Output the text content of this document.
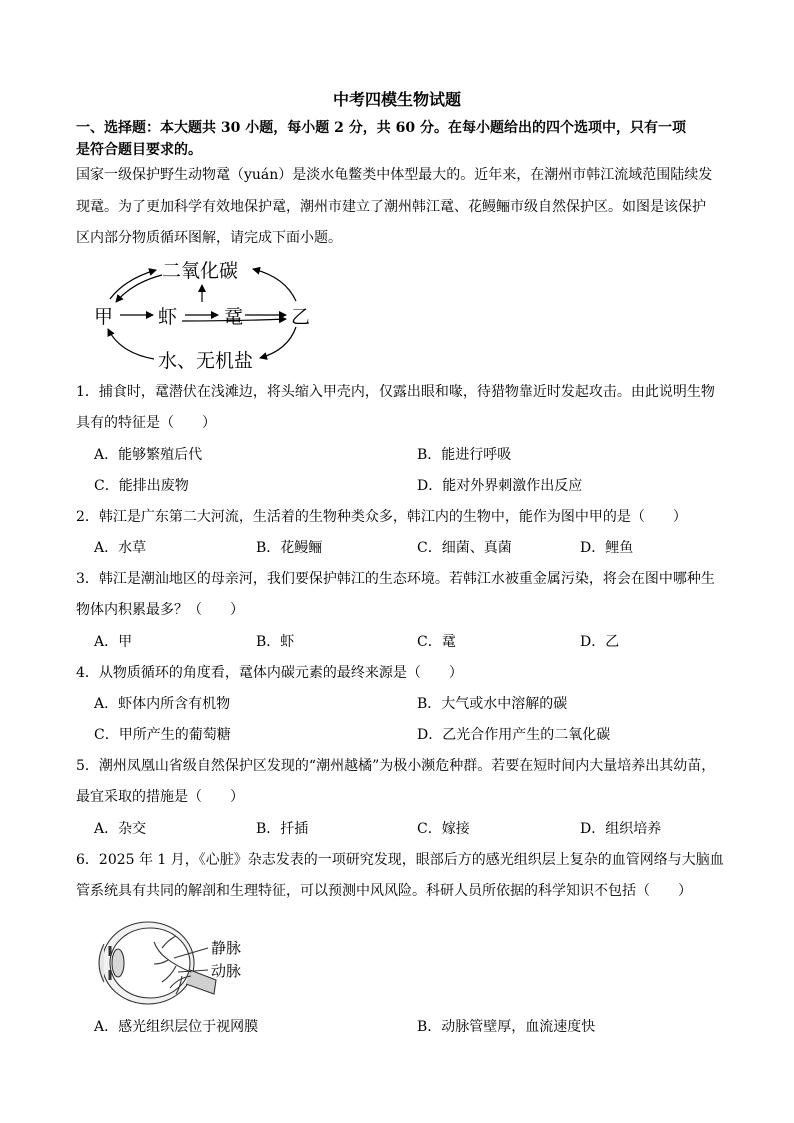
中考四模生物试题
一、选择题：本大题共 30 小题，每小题 2 分，共 60 分。在每小题给出的四个选项中，只有一项
是符合题目要求的。
国家一级保护野生动物鼋（yuán）是淡水龟鳖类中体型最大的。近年来，在潮州市韩江流域范围陆续发
现鼋。为了更加科学有效地保护鼋，潮州市建立了潮州韩江鼋、花鳗鲡市级自然保护区。如图是该保护
区内部分物质循环图解，请完成下面小题。
二氧化碳
甲 虾 鼋	乙
水、无机盐
1．捕食时，鼋潜伏在浅滩边，将头缩入甲壳内，仅露出眼和喙，待猎物靠近时发起攻击。由此说明生物
具有的特征是（　　）
A．能够繁殖后代	B．能进行呼吸
C．能排出废物	D．能对外界刺激作出反应
2．韩江是广东第二大河流，生活着的生物种类众多，韩江内的生物中，能作为图中甲的是（　　）
A．水草	B．花鳗鲡	C．细菌、真菌	D．鲤鱼
3．韩江是潮汕地区的母亲河，我们要保护韩江的生态环境。若韩江水被重金属污染，将会在图中哪种生
物体内积累最多？（　　）
A．甲	B．虾	C．鼋	D．乙
4．从物质循环的角度看，鼋体内碳元素的最终来源是（　　）
A．虾体内所含有机物	B．大气或水中溶解的碳
C．甲所产生的葡萄糖	D．乙光合作用产生的二氧化碳
5．潮州凤凰山省级自然保护区发现的“潮州越橘”为极小濒危种群。若要在短时间内大量培养出其幼苗，
最宜采取的措施是（　　）
A．杂交	B．扦插	C．嫁接	D．组织培养
6．2025 年 1 月，《心脏》杂志发表的一项研究发现，眼部后方的感光组织层上复杂的血管网络与大脑血
管系统具有共同的解剖和生理特征，可以预测中风风险。科研人员所依据的科学知识不包括（　　）
静脉
动脉
A．感光组织层位于视网膜	B．动脉管壁厚，血流速度快
